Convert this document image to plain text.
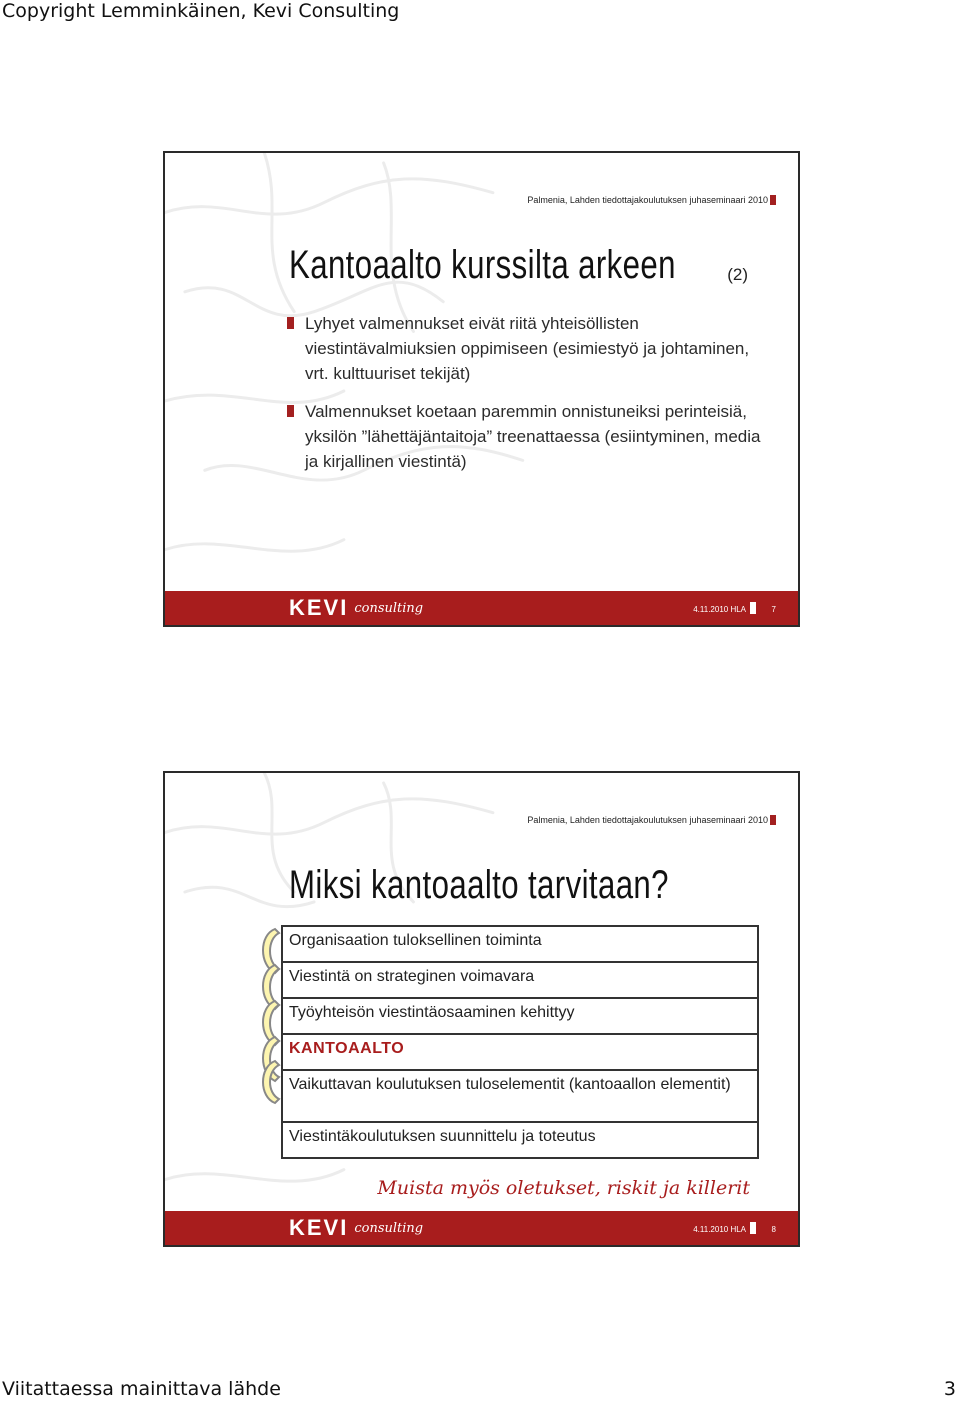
Copyright Lemminkäinen, Kevi Consulting
Palmenia, Lahden tiedottajakoulutuksen juhaseminaari 2010
Kantoaalto kurssilta arkeen	(2)
Lyhyet valmennukset eivät riitä yhteisöllisten viestintävalmiuksien oppimiseen (esimiestyö ja johtaminen, vrt. kulttuuriset tekijät)
Valmennukset koetaan paremmin onnistuneiksi perinteisiä, yksilön ”lähettäjäntaitoja” treenattaessa (esiintyminen, media ja kirjallinen viestintä)
KEVI consulting	4.11.2010 HLA	7
Palmenia, Lahden tiedottajakoulutuksen juhaseminaari 2010
Miksi kantoaalto tarvitaan?
Organisaation tuloksellinen toiminta
Viestintä on strateginen voimavara
Työyhteisön viestintäosaaminen kehittyy
KANTOAALTO
Vaikuttavan koulutuksen tuloselementit (kantoaallon elementit)
Viestintäkoulutuksen suunnittelu ja toteutus
Muista myös oletukset, riskit ja killerit
KEVI consulting	4.11.2010 HLA	8
Viitattaessa mainittava lähde	3
